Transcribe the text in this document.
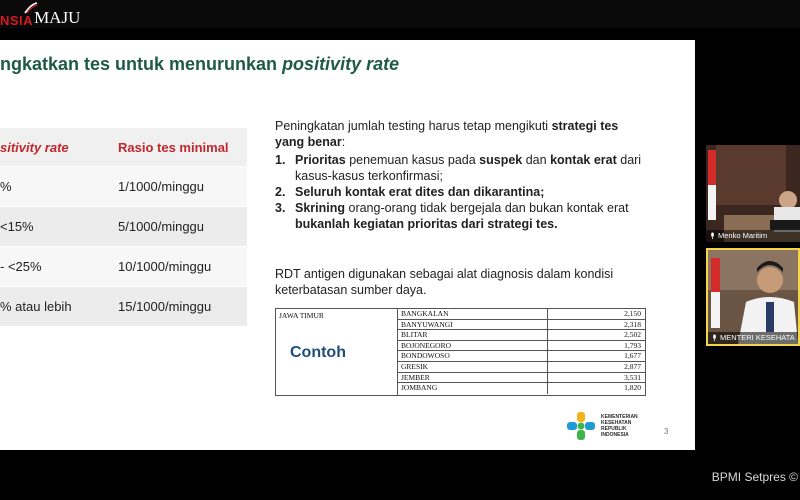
NSIA MAJU
ngkatkan tes untuk menurunkan positivity rate
sitivity rate	Rasio tes minimal
%	1/1000/minggu
<15%	5/1000/minggu
- <25%	10/1000/minggu
% atau lebih	15/1000/minggu
Peningkatan jumlah testing harus tetap mengikuti strategi tes yang benar:
1. Prioritas penemuan kasus pada suspek dan kontak erat dari kasus-kasus terkonfirmasi;
2. Seluruh kontak erat dites dan dikarantina;
3. Skrining orang-orang tidak bergejala dan bukan kontak erat bukanlah kegiatan prioritas dari strategi tes.
RDT antigen digunakan sebagai alat diagnosis dalam kondisi keterbatasan sumber daya.
JAWA TIMUR
Contoh
BANGKALAN	2,150
BANYUWANGI	2,318
BLITAR	2,502
BOJONEGORO	1,793
BONDOWOSO	1,677
GRESIK	2,877
JEMBER	3,531
JOMBANG	1,820
KEMENTERIAN
KESEHATAN
REPUBLIK
INDONESIA	3
Menko Maritim
MENTERI KESEHATA
BPMI Setpres ©
